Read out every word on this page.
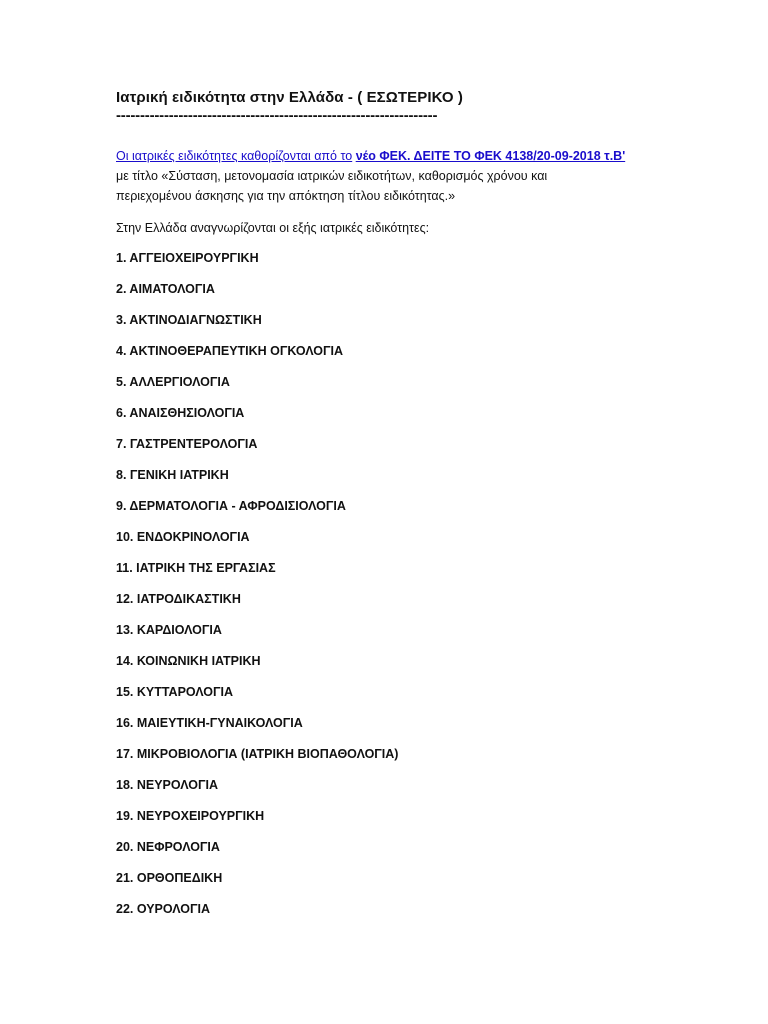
Ιατρική ειδικότητα στην Ελλάδα - ( ΕΣΩΤΕΡΙΚΟ )
-------------------------------------------------------------------
Οι ιατρικές ειδικότητες καθορίζονται από το νέο ΦΕΚ. ΔΕΙΤΕ ΤΟ ΦΕΚ 4138/20-09-2018 τ.Β'
με τίτλο «Σύσταση, μετονομασία ιατρικών ειδικοτήτων, καθορισμός χρόνου και
περιεχομένου άσκησης για την απόκτηση τίτλου ειδικότητας.»
Στην Ελλάδα αναγνωρίζονται οι εξής ιατρικές ειδικότητες:
1. ΑΓΓΕΙΟΧΕΙΡΟΥΡΓΙΚΗ
2. ΑΙΜΑΤΟΛΟΓΙΑ
3. ΑΚΤΙΝΟΔΙΑΓΝΩΣΤΙΚΗ
4. ΑΚΤΙΝΟΘΕΡΑΠΕΥΤΙΚΗ ΟΓΚΟΛΟΓΙΑ
5. ΑΛΛΕΡΓΙΟΛΟΓΙΑ
6. ΑΝΑΙΣΘΗΣΙΟΛΟΓΙΑ
7. ΓΑΣΤΡΕΝΤΕΡΟΛΟΓΙΑ
8. ΓΕΝΙΚΗ ΙΑΤΡΙΚΗ
9. ΔΕΡΜΑΤΟΛΟΓΙΑ - ΑΦΡΟΔΙΣΙΟΛΟΓΙΑ
10. ΕΝΔΟΚΡΙΝΟΛΟΓΙΑ
11. ΙΑΤΡΙΚΗ ΤΗΣ ΕΡΓΑΣΙΑΣ
12. ΙΑΤΡΟΔΙΚΑΣΤΙΚΗ
13. ΚΑΡΔΙΟΛΟΓΙΑ
14. ΚΟΙΝΩΝΙΚΗ ΙΑΤΡΙΚΗ
15. ΚΥΤΤΑΡΟΛΟΓΙΑ
16. ΜΑΙΕΥΤΙΚΗ-ΓΥΝΑΙΚΟΛΟΓΙΑ
17. ΜΙΚΡΟΒΙΟΛΟΓΙΑ (ΙΑΤΡΙΚΗ ΒΙΟΠΑΘΟΛΟΓΙΑ)
18. ΝΕΥΡΟΛΟΓΙΑ
19. ΝΕΥΡΟΧΕΙΡΟΥΡΓΙΚΗ
20. ΝΕΦΡΟΛΟΓΙΑ
21. ΟΡΘΟΠΕΔΙΚΗ
22. ΟΥΡΟΛΟΓΙΑ
